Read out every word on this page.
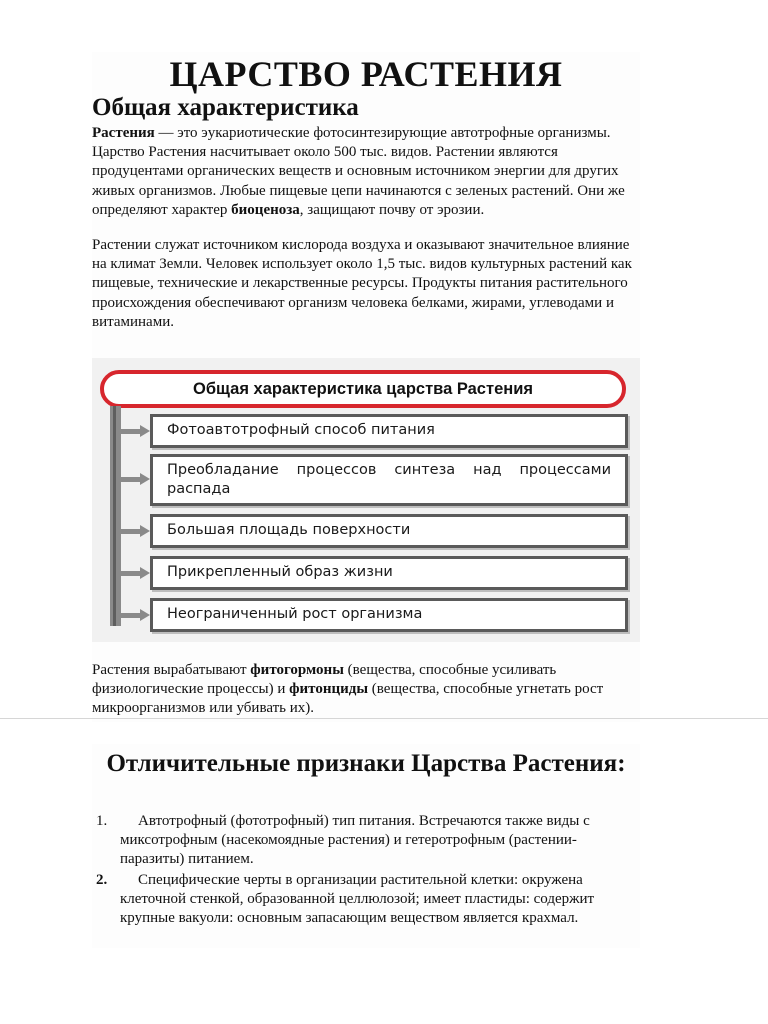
ЦАРСТВО РАСТЕНИЯ
Общая характеристика

Растения — это эукариотические фотосинтезирующие автотрофные организмы. Царство Растения насчитывает около 500 тыс. видов. Растении являются продуцентами органических веществ и основным источником энергии для других живых организмов. Любые пищевые цепи начинаются с зеленых растений. Они же определяют характер биоценоза, защищают почву от эрозии.

Растении служат источником кислорода воздуха и оказывают значительное влияние на климат Земли. Человек использует около 1,5 тыс. видов культурных растений как пищевые, технические и лекарственные ресурсы. Продукты питания растительного происхождения обеспечивают организм человека белками, жирами, углеводами и витаминами.

Общая характеристика царства Растения
Фотоавтотрофный способ питания
Преобладание процессов синтеза над процессами распада
Большая площадь поверхности
Прикрепленный образ жизни
Неограниченный рост организма

Растения вырабатывают фитогормоны (вещества, способные усиливать физиологические процессы) и фитонциды (вещества, способные угнетать рост микроорганизмов или убивать их).

Отличительные признаки Царства Растения:
1.	Автотрофный (фототрофный) тип питания. Встречаются также виды с миксотрофным (насекомоядные растения) и гетеротрофным (растении-паразиты) питанием.
2.	Специфические черты в организации растительной клетки: окружена клеточной стенкой, образованной целлюлозой; имеет пластиды: содержит крупные вакуоли: основным запасающим веществом является крахмал.
